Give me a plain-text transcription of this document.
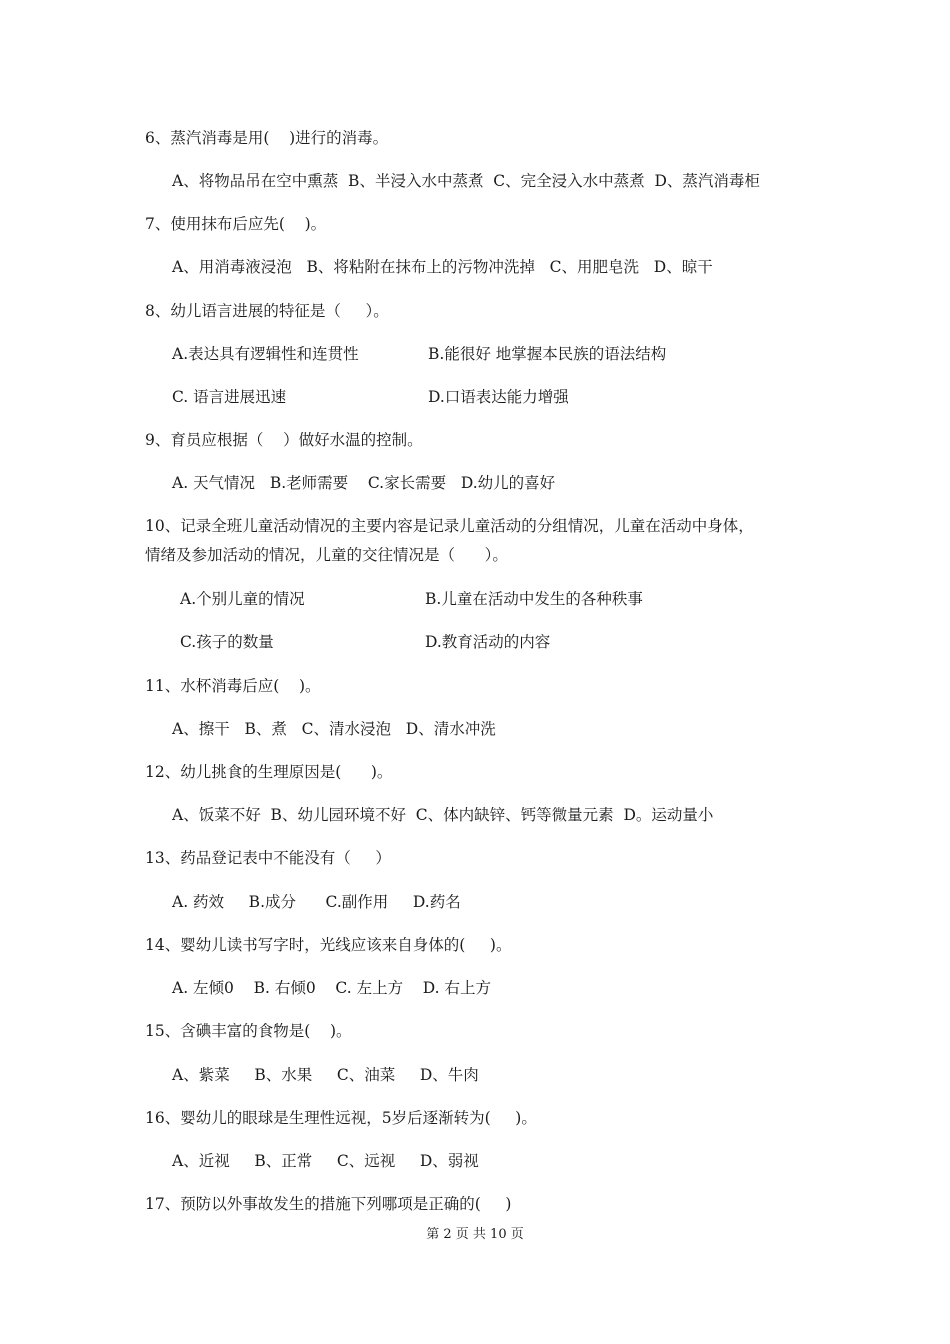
6、蒸汽消毒是用(    )进行的消毒。
A、将物品吊在空中熏蒸  B、半浸入水中蒸煮  C、完全浸入水中蒸煮  D、蒸汽消毒柜
7、使用抹布后应先(    )。
A、用消毒液浸泡   B、将粘附在抹布上的污物冲洗掉   C、用肥皂洗   D、晾干
8、幼儿语言进展的特征是（     ）。
A.表达具有逻辑性和连贯性	B.能很好 地掌握本民族的语法结构
C. 语言进展迅速	D.口语表达能力增强
9、育员应根据（    ）做好水温的控制。
A. 天气情况   B.老师需要    C.家长需要   D.幼儿的喜好
10、记录全班儿童活动情况的主要内容是记录儿童活动的分组情况，儿童在活动中身体，
情绪及参加活动的情况，儿童的交往情况是（      ）。
A.个别儿童的情况	B.儿童在活动中发生的各种秩事
C.孩子的数量	D.教育活动的内容
11、水杯消毒后应(    )。
A、擦干   B、煮   C、清水浸泡   D、清水冲洗
12、幼儿挑食的生理原因是(      )。
A、饭菜不好  B、幼儿园环境不好  C、体内缺锌、钙等微量元素  D。运动量小
13、药品登记表中不能没有（     ）
A. 药效     B.成分      C.副作用     D.药名
14、婴幼儿读书写字时，光线应该来自身体的(     )。
A. 左倾0    B. 右倾0    C. 左上方    D. 右上方
15、含碘丰富的食物是(    )。
A、紫菜     B、水果     C、油菜     D、牛肉
16、婴幼儿的眼球是生理性远视，5岁后逐渐转为(     )。
A、近视     B、正常     C、远视     D、弱视
17、预防以外事故发生的措施下列哪项是正确的(     )
第 2 页 共 10 页
